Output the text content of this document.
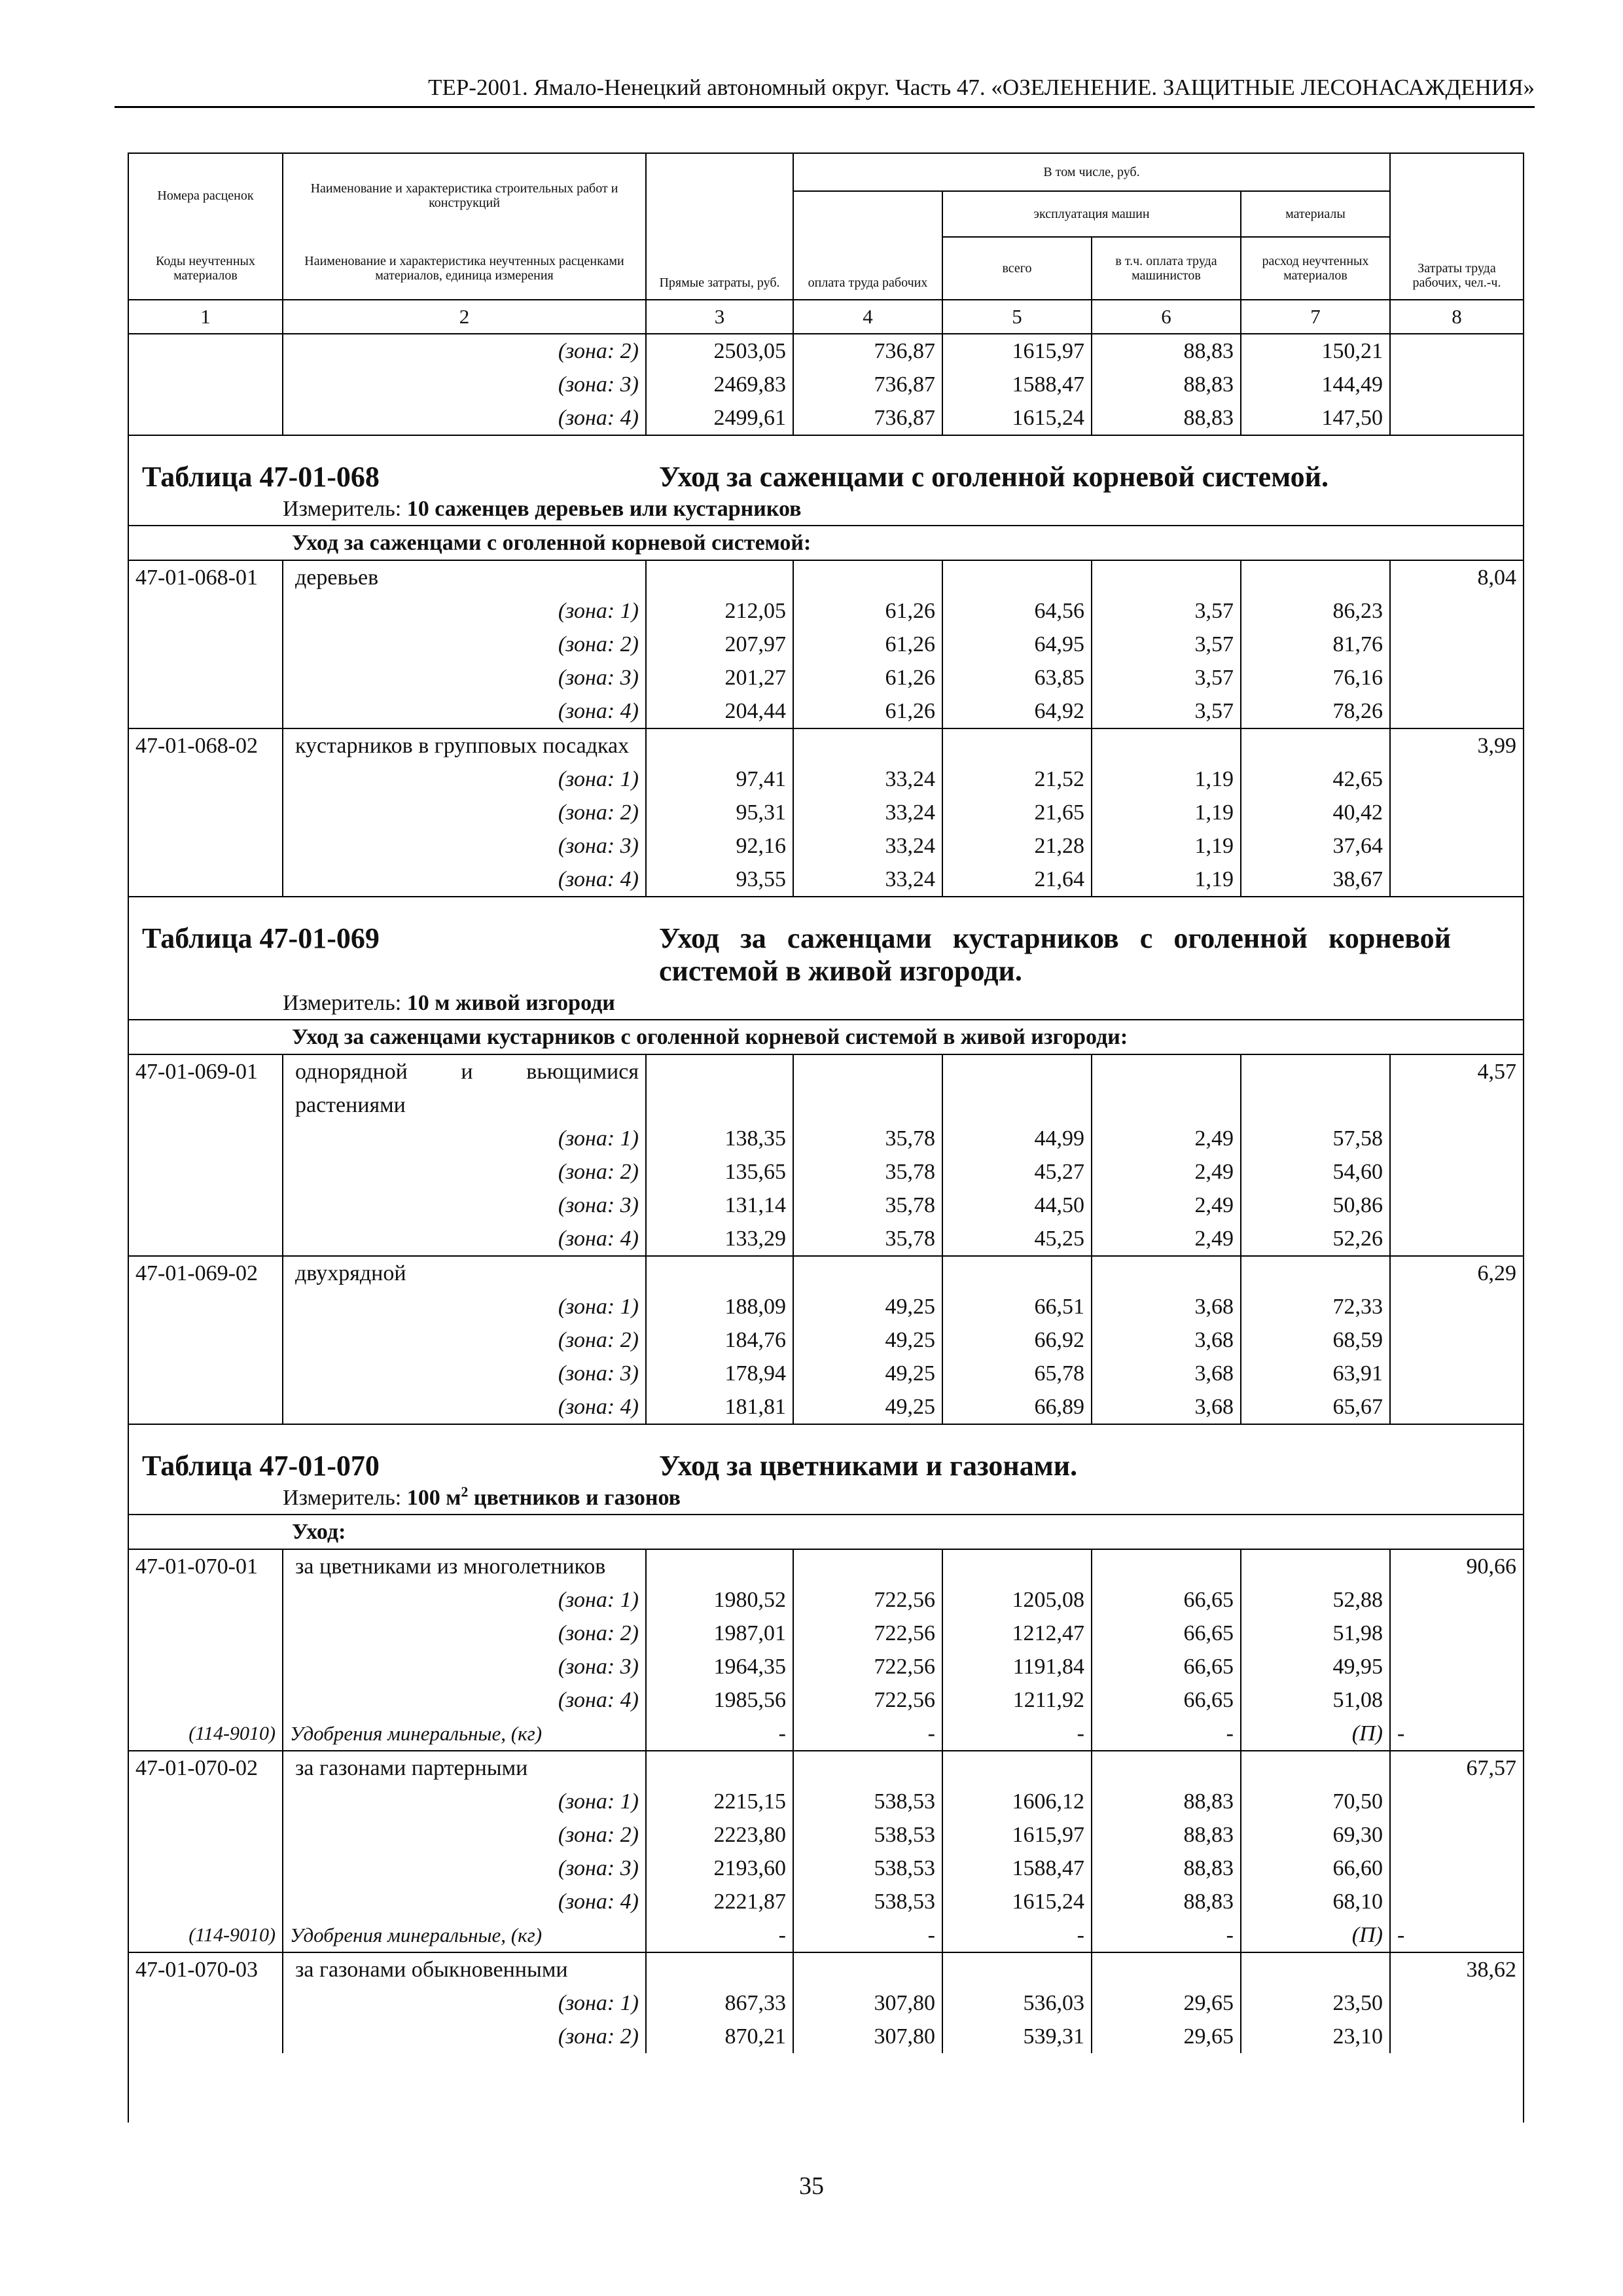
ТЕР-2001. Ямало-Ненецкий автономный округ. Часть 47. «ОЗЕЛЕНЕНИЕ. ЗАЩИТНЫЕ ЛЕСОНАСАЖДЕНИЯ»
Номера расценок	Наименование и характеристика строительных работ и конструкций	Прямые затраты, руб.	В том числе, руб.				Затраты труда рабочих, чел.-ч.
			оплата труда рабочих	эксплуатация машин		материалы	
Коды неучтенных материалов	Наименование и характеристика неучтенных расценками материалов, единица измерения			всего	в т.ч. оплата труда машинистов	расход неучтенных материалов	
1	2	3	4	5	6	7	8
	(зона: 2)	2503,05	736,87	1615,97	88,83	150,21	
	(зона: 3)	2469,83	736,87	1588,47	88,83	144,49	
	(зона: 4)	2499,61	736,87	1615,24	88,83	147,50	

Таблица 47-01-068 Уход за саженцами с оголенной корневой системой.
Измеритель: 10 саженцев деревьев или кустарников							

	Уход за саженцами с оголенной корневой системой:						
47-01-068-01	деревьев						8,04
	(зона: 1)	212,05	61,26	64,56	3,57	86,23	
	(зона: 2)	207,97	61,26	64,95	3,57	81,76	
	(зона: 3)	201,27	61,26	63,85	3,57	76,16	
	(зона: 4)	204,44	61,26	64,92	3,57	78,26	
47-01-068-02	кустарников в групповых посадках						3,99
	(зона: 1)	97,41	33,24	21,52	1,19	42,65	
	(зона: 2)	95,31	33,24	21,65	1,19	40,42	
	(зона: 3)	92,16	33,24	21,28	1,19	37,64	
	(зона: 4)	93,55	33,24	21,64	1,19	38,67	

Таблица 47-01-069 Уход за саженцами кустарников с оголенной корневой системой в живой изгороди.
Измеритель: 10 м живой изгороди							

	Уход за саженцами кустарников с оголенной корневой системой в живой изгороди:						
47-01-069-01	однорядной и вьющимися растениями						4,57
	(зона: 1)	138,35	35,78	44,99	2,49	57,58	
	(зона: 2)	135,65	35,78	45,27	2,49	54,60	
	(зона: 3)	131,14	35,78	44,50	2,49	50,86	
	(зона: 4)	133,29	35,78	45,25	2,49	52,26	
47-01-069-02	двухрядной						6,29
	(зона: 1)	188,09	49,25	66,51	3,68	72,33	
	(зона: 2)	184,76	49,25	66,92	3,68	68,59	
	(зона: 3)	178,94	49,25	65,78	3,68	63,91	
	(зона: 4)	181,81	49,25	66,89	3,68	65,67	

Таблица 47-01-070 Уход за цветниками и газонами.
Измеритель: 100 $м^2$ цветников и газонов							

	Уход:						
47-01-070-01	за цветниками из многолетников						90,66
	(зона: 1)	1980,52	722,56	1205,08	66,65	52,88	
	(зона: 2)	1987,01	722,56	1212,47	66,65	51,98	
	(зона: 3)	1964,35	722,56	1191,84	66,65	49,95	
	(зона: 4)	1985,56	722,56	1211,92	66,65	51,08	
(114-9010)	Удобрения минеральные, (кг)	-	-	-	-	(П)	-
47-01-070-02	за газонами партерными						67,57
	(зона: 1)	2215,15	538,53	1606,12	88,83	70,50	
	(зона: 2)	2223,80	538,53	1615,97	88,83	69,30	
	(зона: 3)	2193,60	538,53	1588,47	88,83	66,60	
	(зона: 4)	2221,87	538,53	1615,24	88,83	68,10	
(114-9010)	Удобрения минеральные, (кг)	-	-	-	-	(П)	-
47-01-070-03	за газонами обыкновенными						38,62
	(зона: 1)	867,33	307,80	536,03	29,65	23,50	
	(зона: 2)	870,21	307,80	539,31	29,65	23,10	
35
